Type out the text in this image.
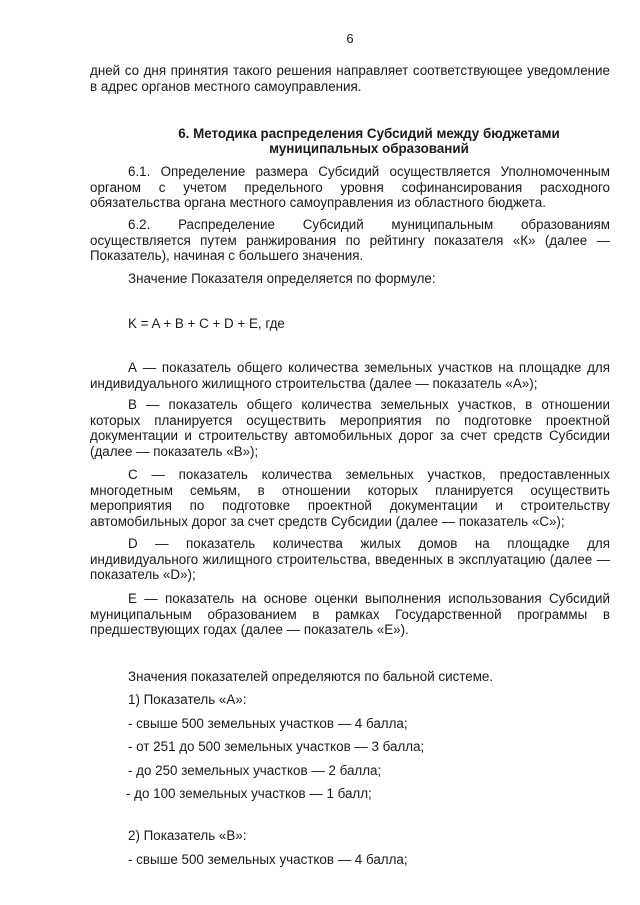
6

дней со дня принятия такого решения направляет соответствующее уведомление в адрес органов местного самоуправления.

6. Методика распределения Субсидий между бюджетами
муниципальных образований

6.1. Определение размера Субсидий осуществляется Уполномоченным органом с учетом предельного уровня софинансирования расходного обязательства органа местного самоуправления из областного бюджета.

6.2. Распределение Субсидий муниципальным образованиям осуществляется путем ранжирования по рейтингу показателя «К» (далее — Показатель), начиная с большего значения.

Значение Показателя определяется по формуле:

K = A + B + C + D + E, где

А — показатель общего количества земельных участков на площадке для индивидуального жилищного строительства (далее — показатель «А»);

В — показатель общего количества земельных участков, в отношении которых планируется осуществить мероприятия по подготовке проектной документации и строительству автомобильных дорог за счет средств Субсидии (далее — показатель «В»);

С — показатель количества земельных участков, предоставленных многодетным семьям, в отношении которых планируется осуществить мероприятия по подготовке проектной документации и строительству автомобильных дорог за счет средств Субсидии (далее — показатель «С»);

D — показатель количества жилых домов на площадке для индивидуального жилищного строительства, введенных в эксплуатацию (далее — показатель «D»);

Е — показатель на основе оценки выполнения использования Субсидий муниципальным образованием в рамках Государственной программы в предшествующих годах (далее — показатель «Е»).

Значения показателей определяются по бальной системе.

1) Показатель «А»:

- свыше 500 земельных участков — 4 балла;

- от 251 до 500 земельных участков — 3 балла;

- до 250 земельных участков — 2 балла;

- до 100 земельных участков — 1 балл;

2) Показатель «В»:

- свыше 500 земельных участков — 4 балла;
